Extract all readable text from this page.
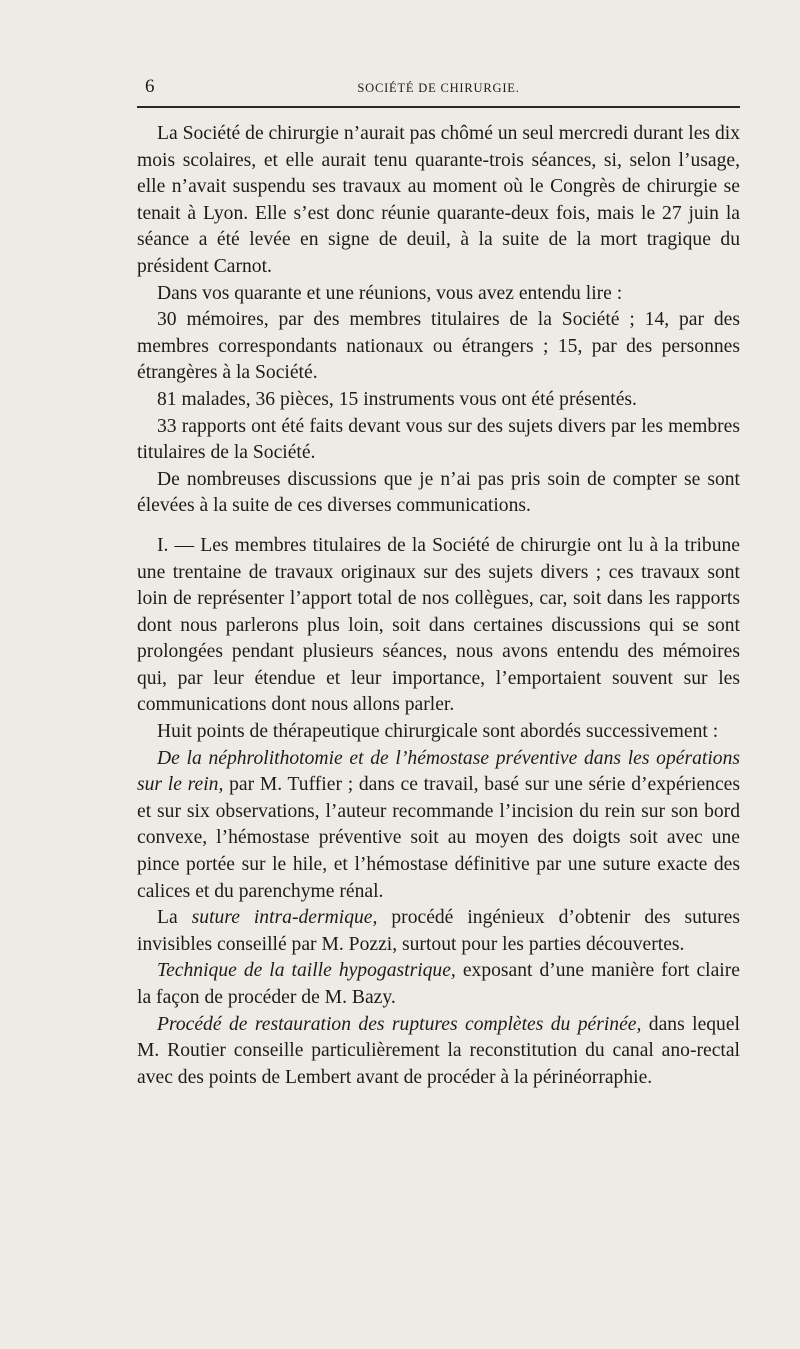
6	SOCIÉTÉ DE CHIRURGIE.

La Société de chirurgie n’aurait pas chômé un seul mercredi durant les dix mois scolaires, et elle aurait tenu quarante-trois séances, si, selon l’usage, elle n’avait suspendu ses travaux au moment où le Congrès de chirurgie se tenait à Lyon. Elle s’est donc réunie quarante-deux fois, mais le 27 juin la séance a été levée en signe de deuil, à la suite de la mort tragique du président Carnot.

Dans vos quarante et une réunions, vous avez entendu lire :

30 mémoires, par des membres titulaires de la Société ; 14, par des membres correspondants nationaux ou étrangers ; 15, par des personnes étrangères à la Société.

81 malades, 36 pièces, 15 instruments vous ont été présentés.

33 rapports ont été faits devant vous sur des sujets divers par les membres titulaires de la Société.

De nombreuses discussions que je n’ai pas pris soin de compter se sont élevées à la suite de ces diverses communications.

I. — Les membres titulaires de la Société de chirurgie ont lu à la tribune une trentaine de travaux originaux sur des sujets divers ; ces travaux sont loin de représenter l’apport total de nos collègues, car, soit dans les rapports dont nous parlerons plus loin, soit dans certaines discussions qui se sont prolongées pendant plusieurs séances, nous avons entendu des mémoires qui, par leur étendue et leur importance, l’emportaient souvent sur les communications dont nous allons parler.

Huit points de thérapeutique chirurgicale sont abordés successivement :

De la néphrolithotomie et de l’hémostase préventive dans les opérations sur le rein, par M. Tuffier ; dans ce travail, basé sur une série d’expériences et sur six observations, l’auteur recommande l’incision du rein sur son bord convexe, l’hémostase préventive soit au moyen des doigts soit avec une pince portée sur le hile, et l’hémostase définitive par une suture exacte des calices et du parenchyme rénal.

La suture intra-dermique, procédé ingénieux d’obtenir des sutures invisibles conseillé par M. Pozzi, surtout pour les parties découvertes.

Technique de la taille hypogastrique, exposant d’une manière fort claire la façon de procéder de M. Bazy.

Procédé de restauration des ruptures complètes du périnée, dans lequel M. Routier conseille particulièrement la reconstitution du canal ano-rectal avec des points de Lembert avant de procéder à la périnéorraphie.
